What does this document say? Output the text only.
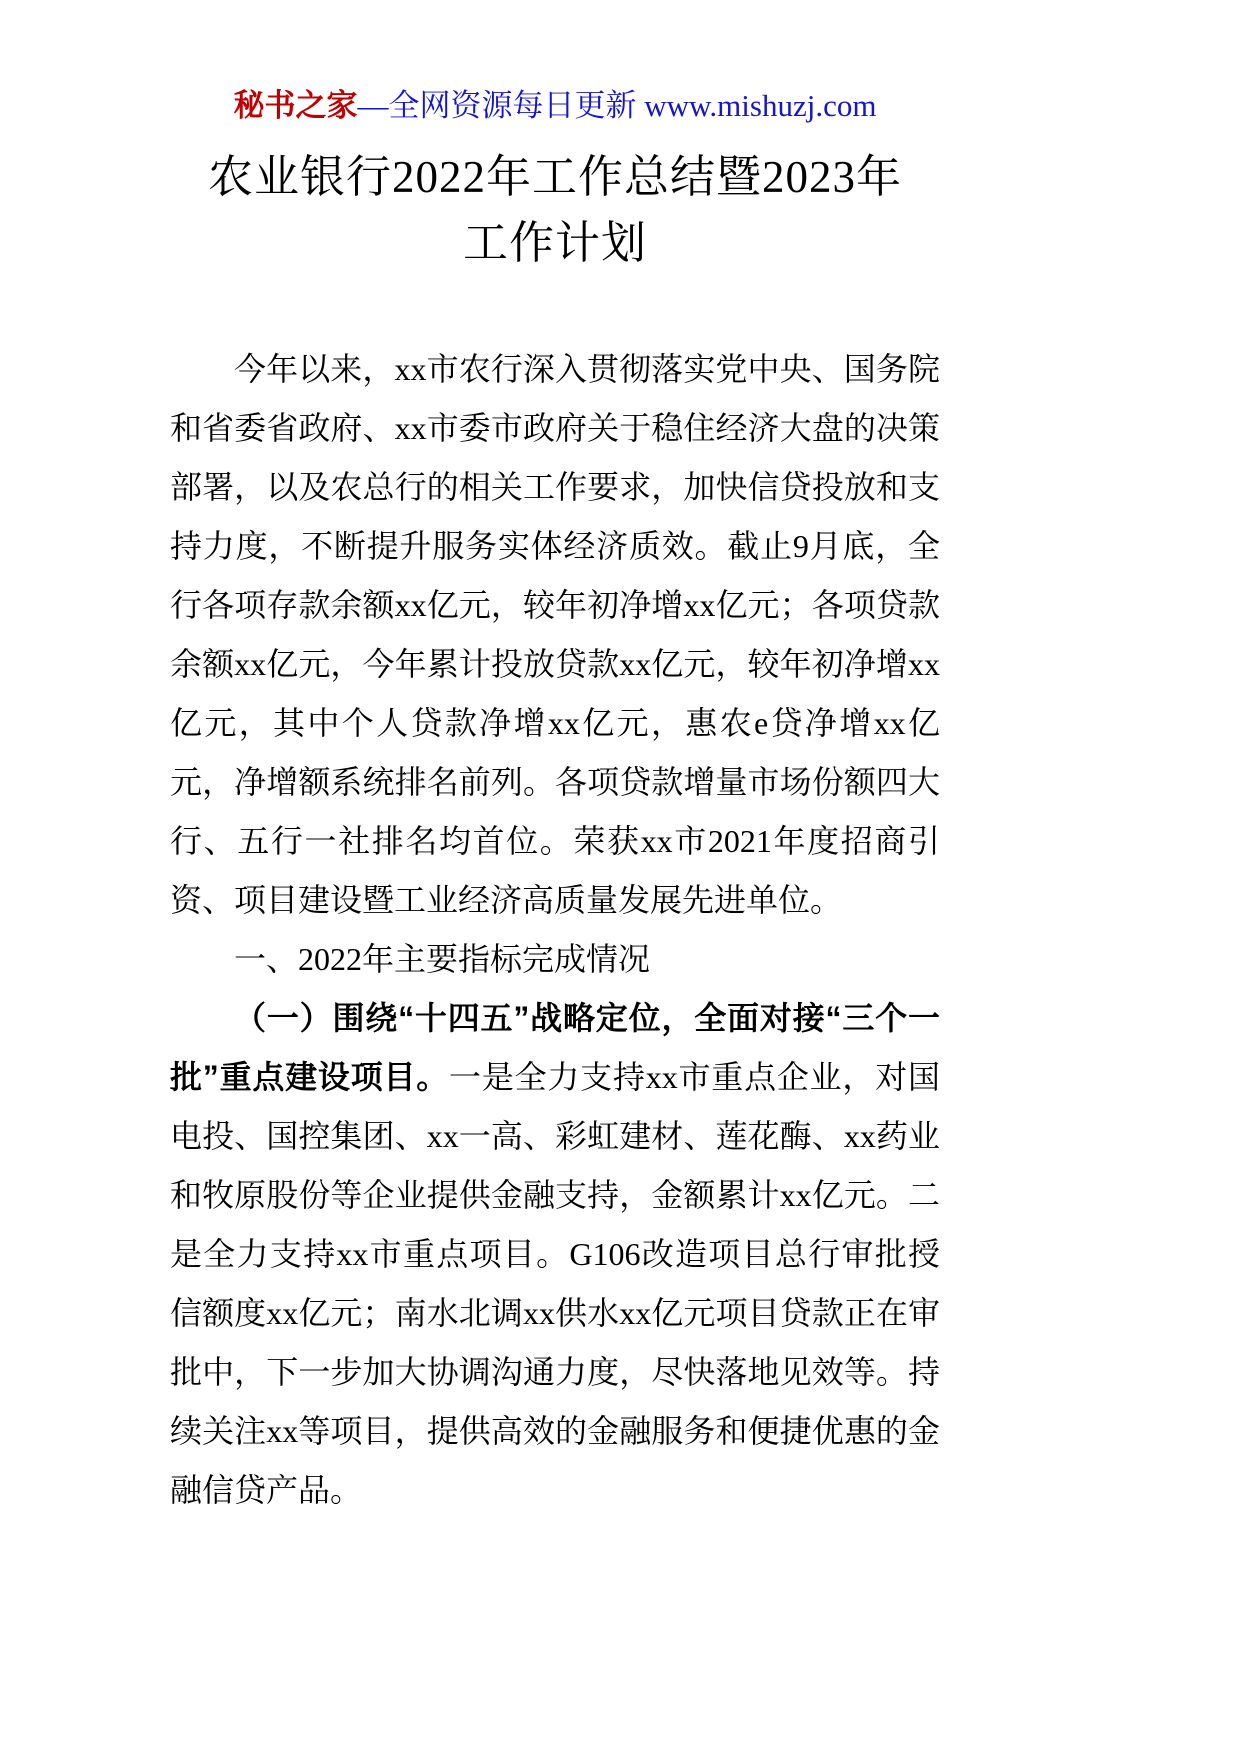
秘书之家—全网资源每日更新 www.mishuzj.com
农业银行2022年工作总结暨2023年
工作计划

今年以来，xx市农行深入贯彻落实党中央、国务院和省委省政府、xx市委市政府关于稳住经济大盘的决策部署，以及农总行的相关工作要求，加快信贷投放和支持力度，不断提升服务实体经济质效。截止9月底，全行各项存款余额xx亿元，较年初净增xx亿元；各项贷款余额xx亿元，今年累计投放贷款xx亿元，较年初净增xx亿元，其中个人贷款净增xx亿元，惠农e贷净增xx亿元，净增额系统排名前列。各项贷款增量市场份额四大行、五行一社排名均首位。荣获xx市2021年度招商引资、项目建设暨工业经济高质量发展先进单位。

一、2022年主要指标完成情况

（一）围绕“十四五”战略定位，全面对接“三个一批”重点建设项目。一是全力支持xx市重点企业，对国电投、国控集团、xx一高、彩虹建材、莲花酶、xx药业和牧原股份等企业提供金融支持，金额累计xx亿元。二是全力支持xx市重点项目。G106改造项目总行审批授信额度xx亿元；南水北调xx供水xx亿元项目贷款正在审批中，下一步加大协调沟通力度，尽快落地见效等。持续关注xx等项目，提供高效的金融服务和便捷优惠的金融信贷产品。
